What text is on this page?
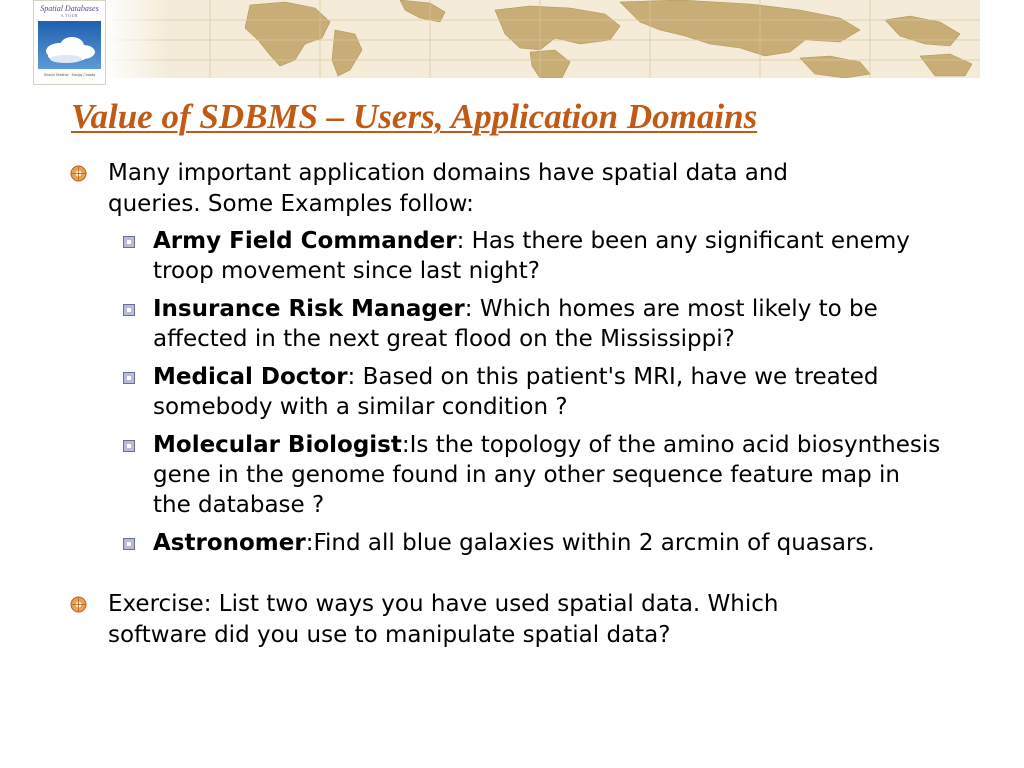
Spatial Databases
A TOUR
Shashi Shekhar · Sanjay Chawla
Value of SDBMS – Users, Application Domains
Many important application domains have spatial data and queries. Some Examples follow:
Army Field Commander: Has there been any significant enemy troop movement since last night?
Insurance Risk Manager: Which homes are most likely to be affected in the next great flood on the Mississippi?
Medical Doctor: Based on this patient's MRI, have we treated somebody with a similar condition ?
Molecular Biologist:Is the topology of the amino acid biosynthesis gene in the genome found in any other sequence feature map in the database ?
Astronomer:Find all blue galaxies within 2 arcmin of quasars.
Exercise: List two ways you have used spatial data. Which software did you use to manipulate spatial data?
